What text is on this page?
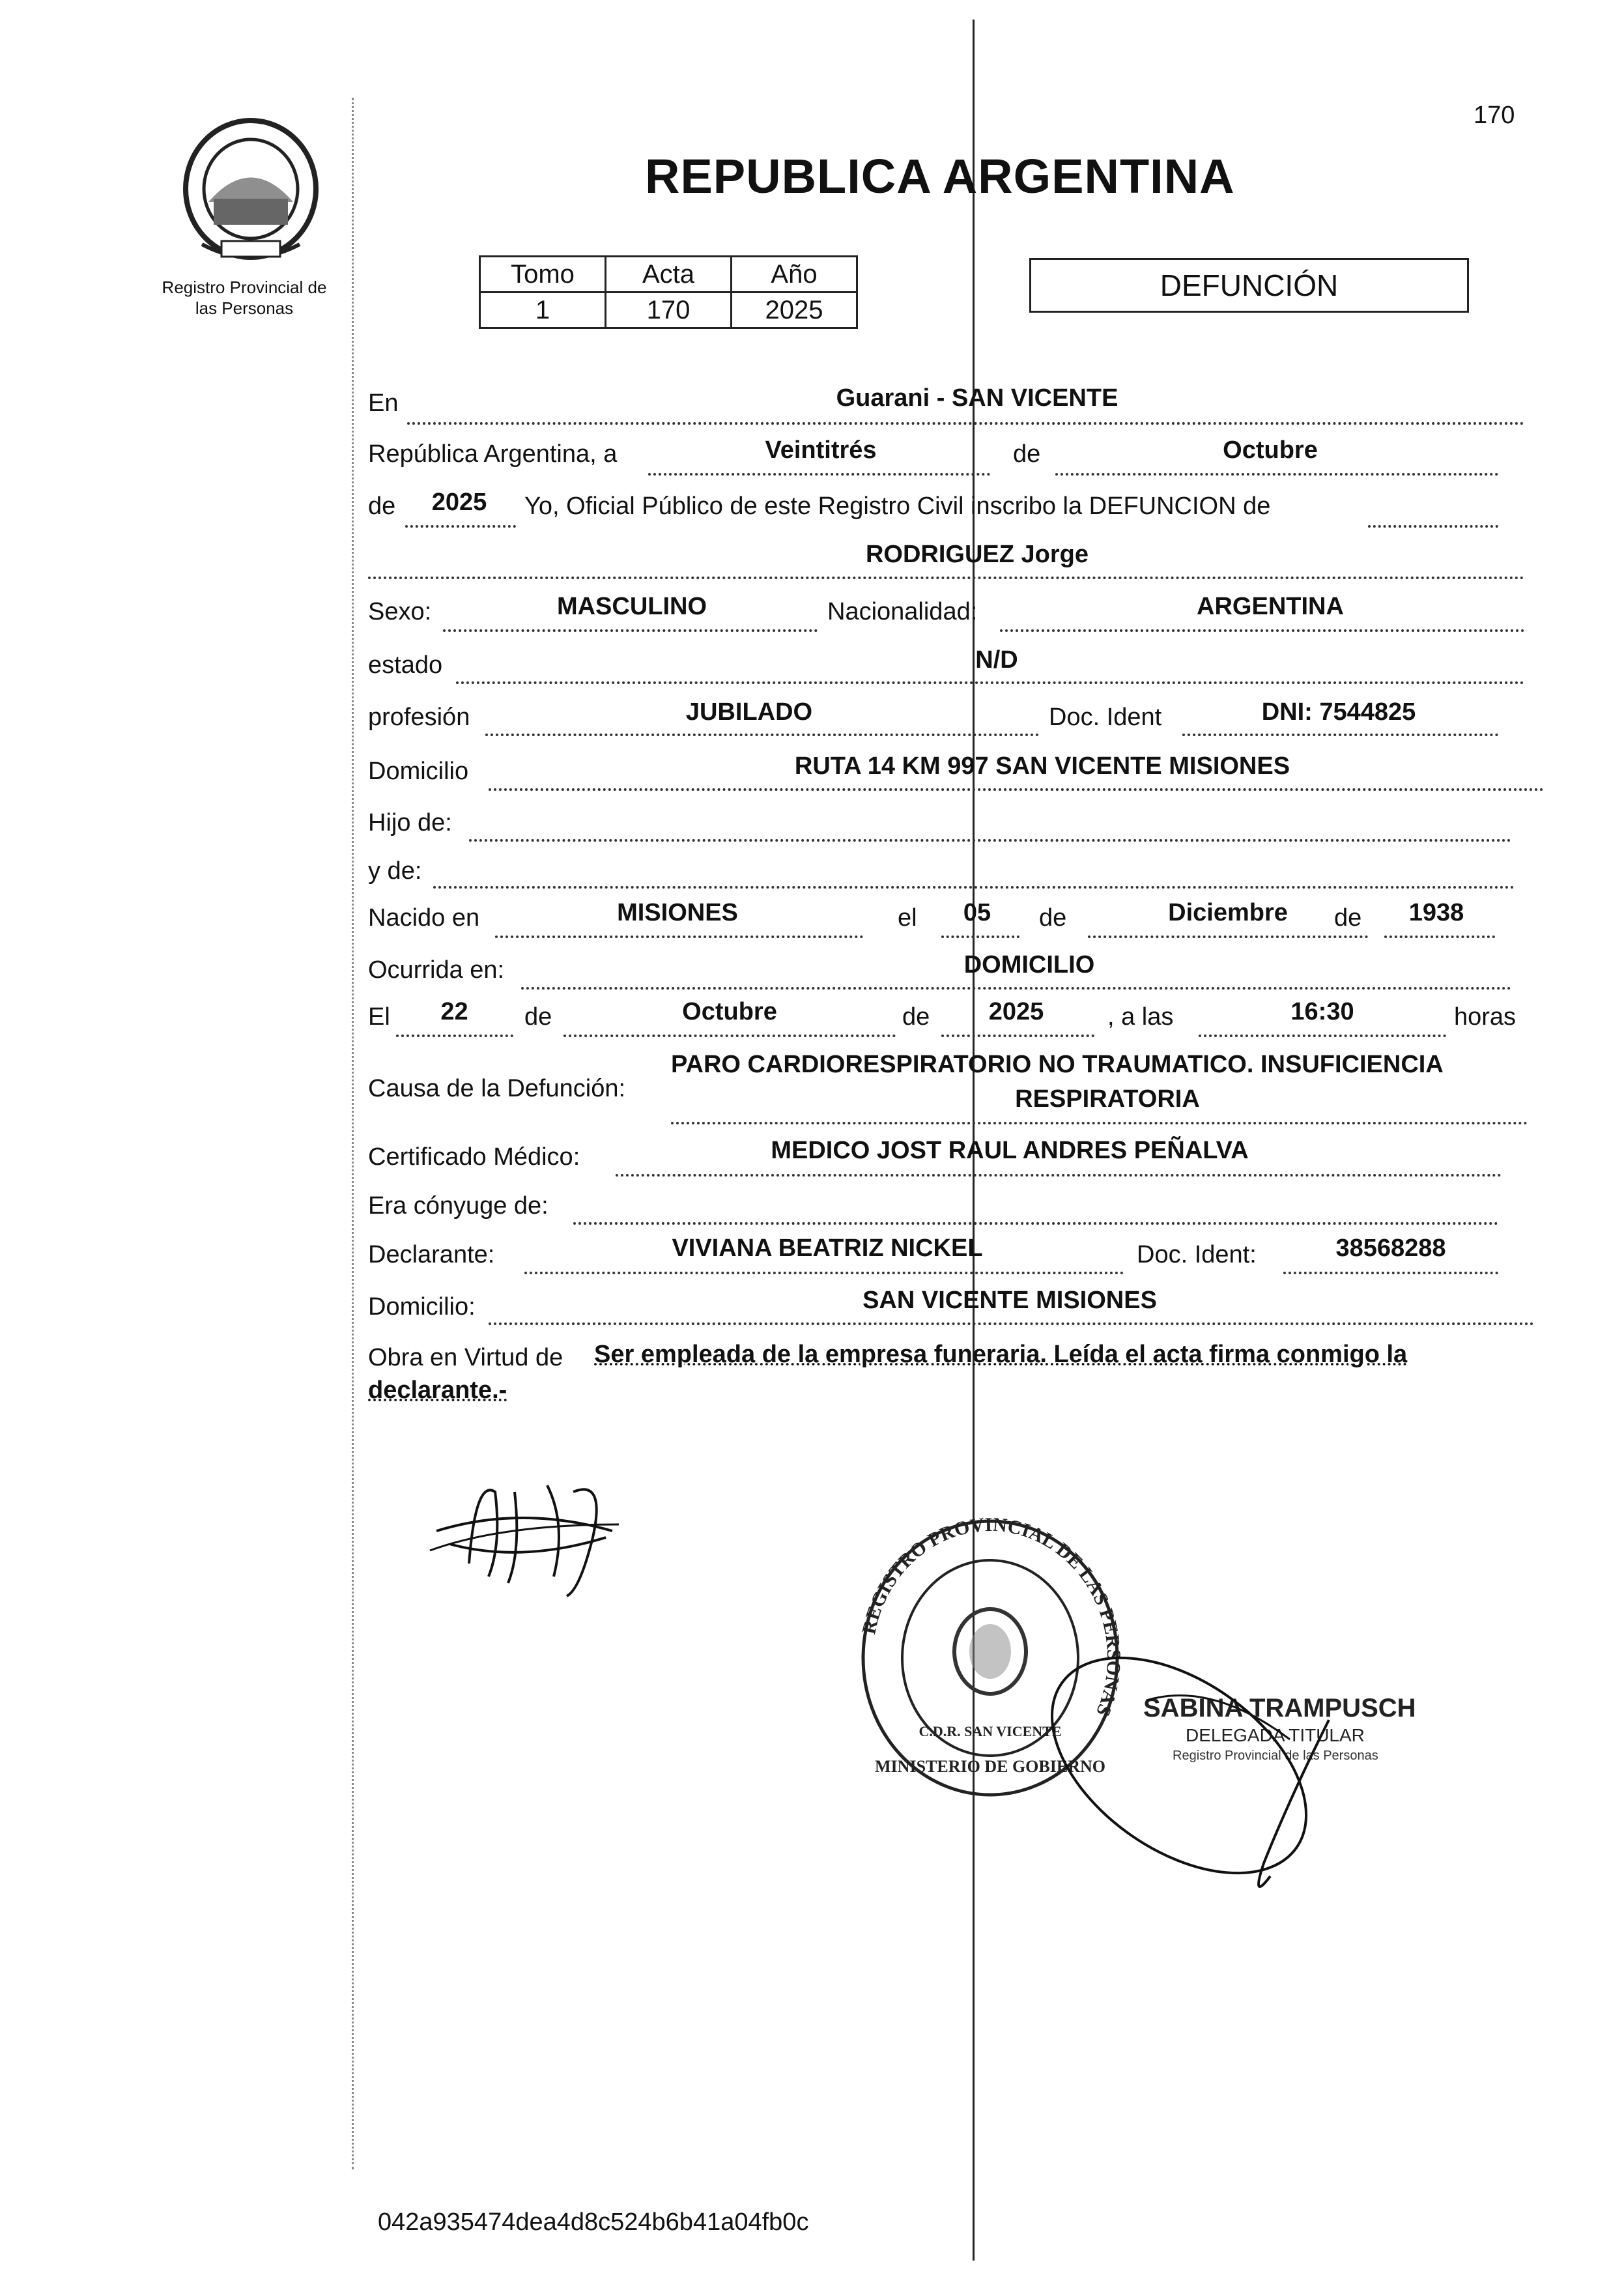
170
Registro Provincial de
las Personas
REPUBLICA ARGENTINA
Tomo	Acta	Año
1	170	2025
DEFUNCIÓN
En	Guarani - SAN VICENTE
República Argentina, a	Veintitrés	de	Octubre
de	2025	Yo, Oficial Público de este Registro Civil inscribo la DEFUNCION de
RODRIGUEZ Jorge
Sexo:	MASCULINO	Nacionalidad:	ARGENTINA
estado	N/D
profesión	JUBILADO	Doc. Ident	DNI: 7544825
Domicilio	RUTA 14 KM 997 SAN VICENTE MISIONES
Hijo de:
y de:
Nacido en	MISIONES	el	05	de	Diciembre	de	1938
Ocurrida en:	DOMICILIO
El	22	de	Octubre	de	2025	, a las	16:30	horas
Causa de la Defunción:
PARO CARDIORESPIRATORIO NO TRAUMATICO. INSUFICIENCIA
RESPIRATORIA
Certificado Médico:	MEDICO JOST RAUL ANDRES PEÑALVA
Era cónyuge de:
Declarante:	VIVIANA BEATRIZ NICKEL	Doc. Ident:	38568288
Domicilio:	SAN VICENTE MISIONES
Obra en Virtud de Ser empleada de la empresa funeraria. Leída el acta firma conmigo la
declarante.-
REGISTRO PROVINCIAL DE LAS PERSONAS
C.D.R. SAN VICENTE
MINISTERIO DE GOBIERNO
SABINA TRAMPUSCH
DELEGADA TITULAR
Registro Provincial de las Personas
042a935474dea4d8c524b6b41a04fb0c
